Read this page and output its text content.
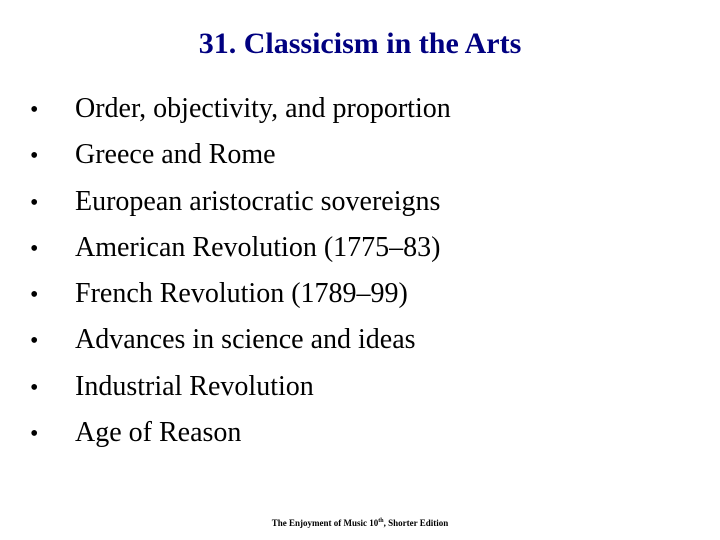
31. Classicism in the Arts
•	Order, objectivity, and proportion
•	Greece and Rome
•	European aristocratic sovereigns
•	American Revolution (1775–83)
•	French Revolution (1789–99)
•	Advances in science and ideas
•	Industrial Revolution
•	Age of Reason
The Enjoyment of Music 10th, Shorter Edition
